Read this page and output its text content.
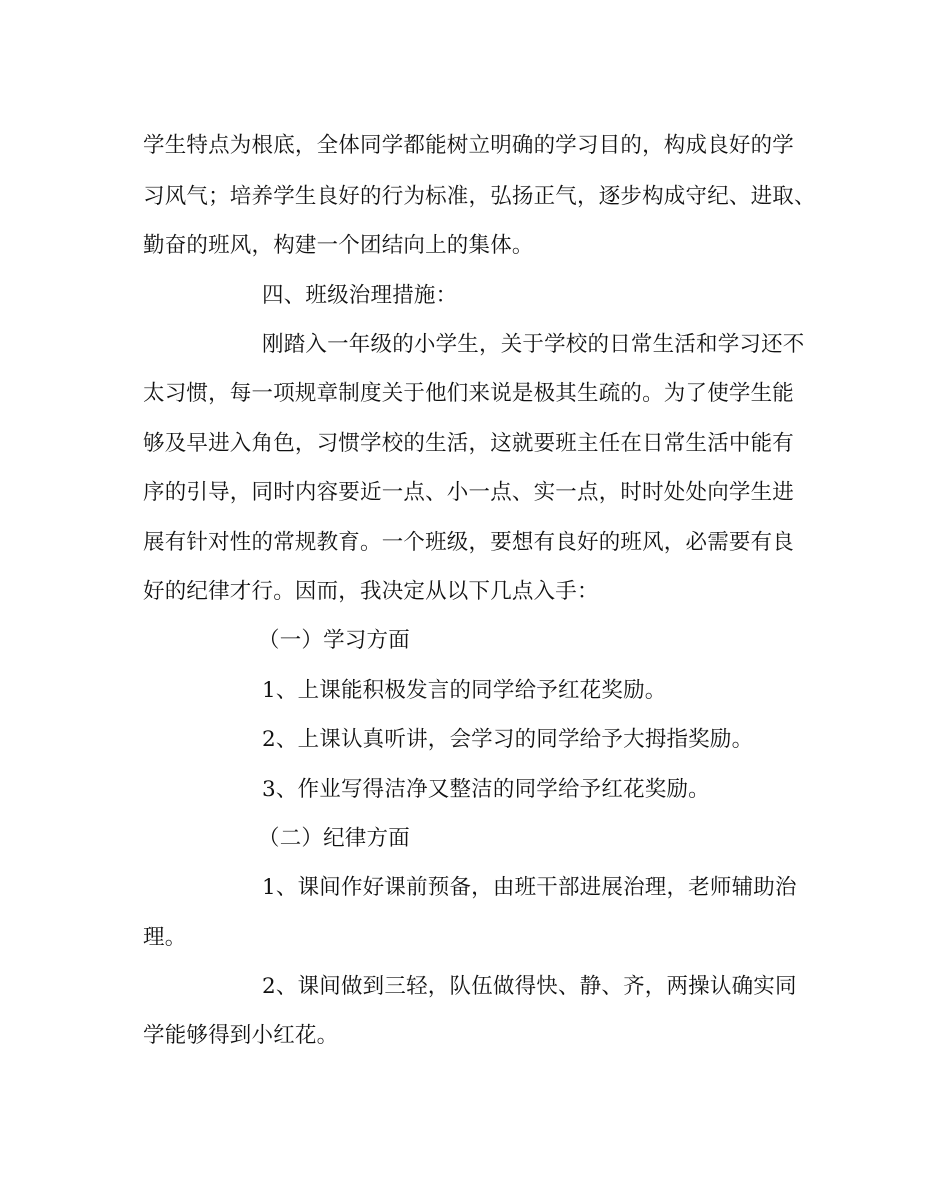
学生特点为根底，全体同学都能树立明确的学习目的，构成良好的学
习风气；培养学生良好的行为标准，弘扬正气，逐步构成守纪、进取、
勤奋的班风，构建一个团结向上的集体。
四、班级治理措施：
刚踏入一年级的小学生，关于学校的日常生活和学习还不
太习惯，每一项规章制度关于他们来说是极其生疏的。为了使学生能
够及早进入角色，习惯学校的生活，这就要班主任在日常生活中能有
序的引导，同时内容要近一点、小一点、实一点，时时处处向学生进
展有针对性的常规教育。一个班级，要想有良好的班风，必需要有良
好的纪律才行。因而，我决定从以下几点入手：
（一）学习方面
1、上课能积极发言的同学给予红花奖励。
2、上课认真听讲，会学习的同学给予大拇指奖励。
3、作业写得洁净又整洁的同学给予红花奖励。
（二）纪律方面
1、课间作好课前预备，由班干部进展治理，老师辅助治
理。
2、课间做到三轻，队伍做得快、静、齐，两操认确实同
学能够得到小红花。
